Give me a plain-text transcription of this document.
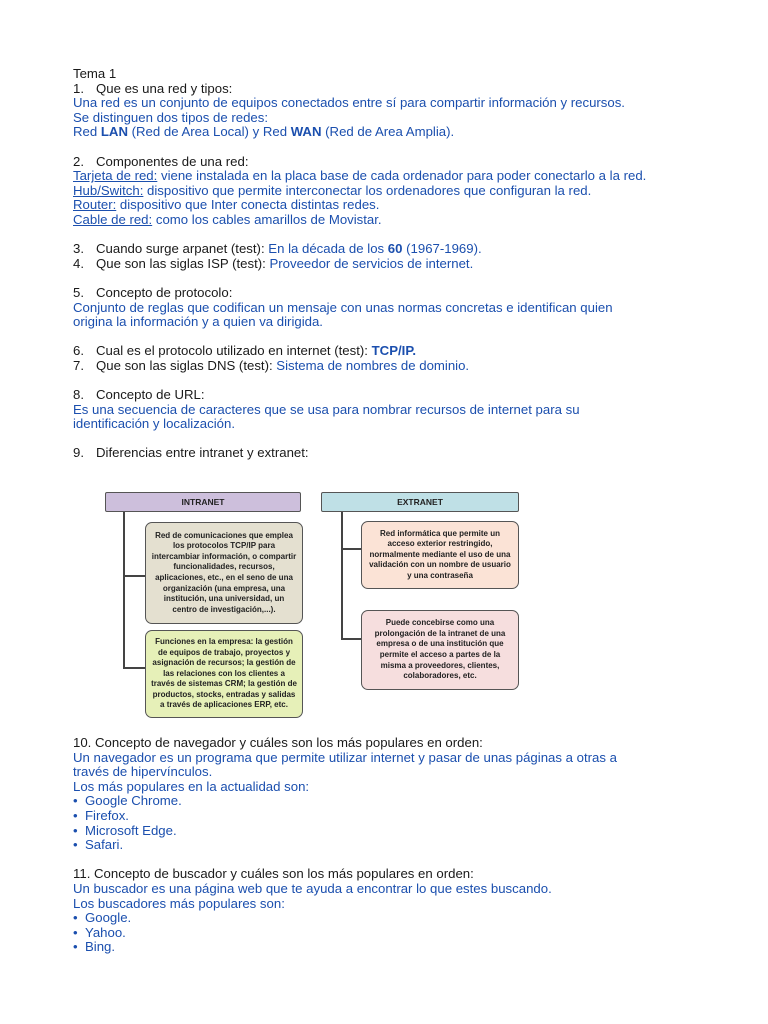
Tema 1
1. Que es una red y tipos:
Una red es un conjunto de equipos conectados entre sí para compartir información y recursos.
Se distinguen dos tipos de redes:
Red LAN (Red de Area Local) y Red WAN (Red de Area Amplia).
2. Componentes de una red:
Tarjeta de red: viene instalada en la placa base de cada ordenador para poder conectarlo a la red.
Hub/Switch: dispositivo que permite interconectar los ordenadores que configuran la red.
Router: dispositivo que Inter conecta distintas redes.
Cable de red: como los cables amarillos de Movistar.
3. Cuando surge arpanet (test): En la década de los 60 (1967-1969).
4. Que son las siglas ISP (test): Proveedor de servicios de internet.
5. Concepto de protocolo:
Conjunto de reglas que codifican un mensaje con unas normas concretas e identifican quien
origina la información y a quien va dirigida.
6. Cual es el protocolo utilizado en internet (test): TCP/IP.
7. Que son las siglas DNS (test): Sistema de nombres de dominio.
8. Concepto de URL:
Es una secuencia de caracteres que se usa para nombrar recursos de internet para su
identificación y localización.
9. Diferencias entre intranet y extranet:
INTRANET
Red de comunicaciones que emplea los protocolos TCP/IP para intercambiar información, o compartir funcionalidades, recursos, aplicaciones, etc., en el seno de una organización (una empresa, una institución, una universidad, un centro de investigación,...).
Funciones en la empresa: la gestión de equipos de trabajo, proyectos y asignación de recursos; la gestión de las relaciones con los clientes a través de sistemas CRM; la gestión de productos, stocks, entradas y salidas a través de aplicaciones ERP, etc.
EXTRANET
Red informática que permite un acceso exterior restringido, normalmente mediante el uso de una validación con un nombre de usuario y una contraseña
Puede concebirse como una prolongación de la intranet de una empresa o de una institución que permite el acceso a partes de la misma a proveedores, clientes, colaboradores, etc.
10. Concepto de navegador y cuáles son los más populares en orden:
Un navegador es un programa que permite utilizar internet y pasar de unas páginas a otras a
través de hipervínculos.
Los más populares en la actualidad son:
• Google Chrome.
• Firefox.
• Microsoft Edge.
• Safari.
11. Concepto de buscador y cuáles son los más populares en orden:
Un buscador es una página web que te ayuda a encontrar lo que estes buscando.
Los buscadores más populares son:
• Google.
• Yahoo.
• Bing.
